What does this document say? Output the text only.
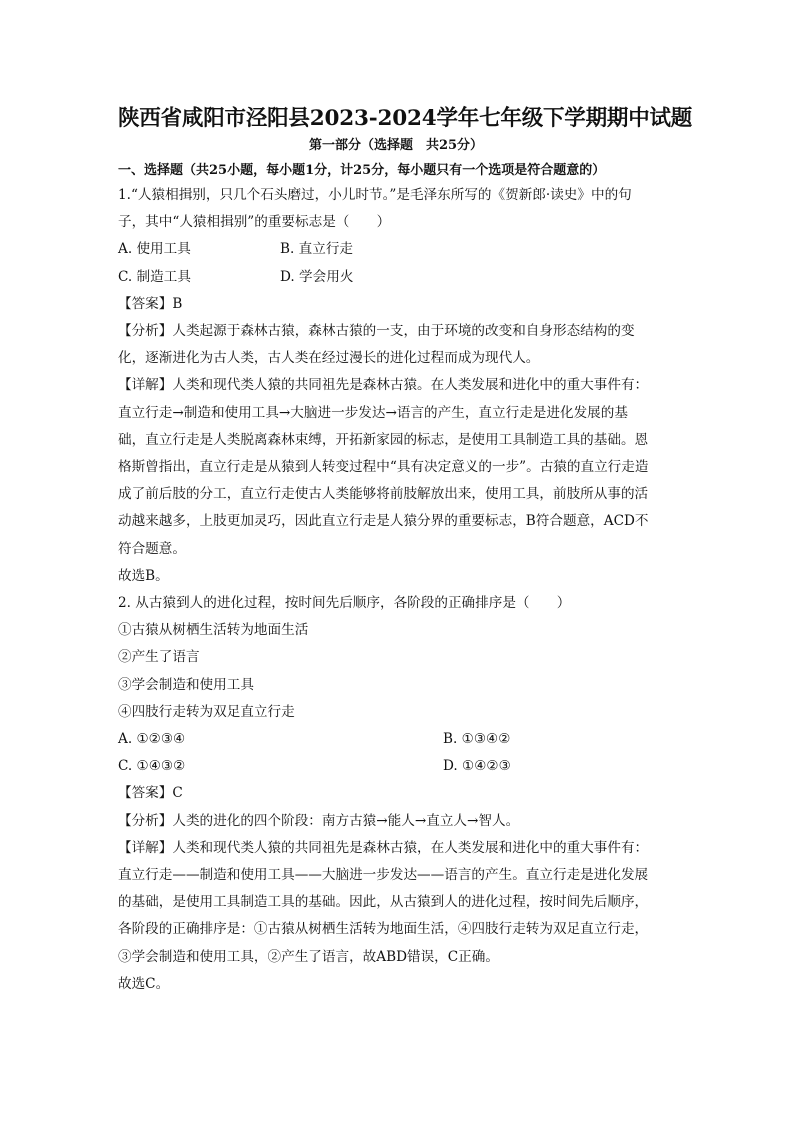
陕西省咸阳市泾阳县2023-2024学年七年级下学期期中试题
第一部分（选择题　共25分）
一、选择题（共25小题，每小题1分，计25分，每小题只有一个选项是符合题意的）

1.“人猿相揖别，只几个石头磨过，小儿时节。”是毛泽东所写的《贺新郎·读史》中的句

子，其中“人猿相揖别”的重要标志是（　　）

A. 使用工具	B. 直立行走
C. 制造工具	D. 学会用火

【答案】B

【分析】人类起源于森林古猿，森林古猿的一支，由于环境的改变和自身形态结构的变

化，逐渐进化为古人类，古人类在经过漫长的进化过程而成为现代人。

【详解】人类和现代类人猿的共同祖先是森林古猿。在人类发展和进化中的重大事件有：

直立行走→制造和使用工具→大脑进一步发达→语言的产生，直立行走是进化发展的基

础，直立行走是人类脱离森林束缚，开拓新家园的标志，是使用工具制造工具的基础。恩

格斯曾指出，直立行走是从猿到人转变过程中“具有决定意义的一步”。古猿的直立行走造

成了前后肢的分工，直立行走使古人类能够将前肢解放出来，使用工具，前肢所从事的活

动越来越多，上肢更加灵巧，因此直立行走是人猿分界的重要标志，B符合题意，ACD不

符合题意。

故选B。

2. 从古猿到人的进化过程，按时间先后顺序，各阶段的正确排序是（　　）

①古猿从树栖生活转为地面生活

②产生了语言

③学会制造和使用工具

④四肢行走转为双足直立行走

A. ①②③④	B. ①③④②
C. ①④③②	D. ①④②③

【答案】C

【分析】人类的进化的四个阶段：南方古猿→能人→直立人→智人。

【详解】人类和现代类人猿的共同祖先是森林古猿，在人类发展和进化中的重大事件有：

直立行走——制造和使用工具——大脑进一步发达——语言的产生。直立行走是进化发展

的基础，是使用工具制造工具的基础。因此，从古猿到人的进化过程，按时间先后顺序，

各阶段的正确排序是：①古猿从树栖生活转为地面生活，④四肢行走转为双足直立行走，

③学会制造和使用工具，②产生了语言，故ABD错误，C正确。

故选C。
